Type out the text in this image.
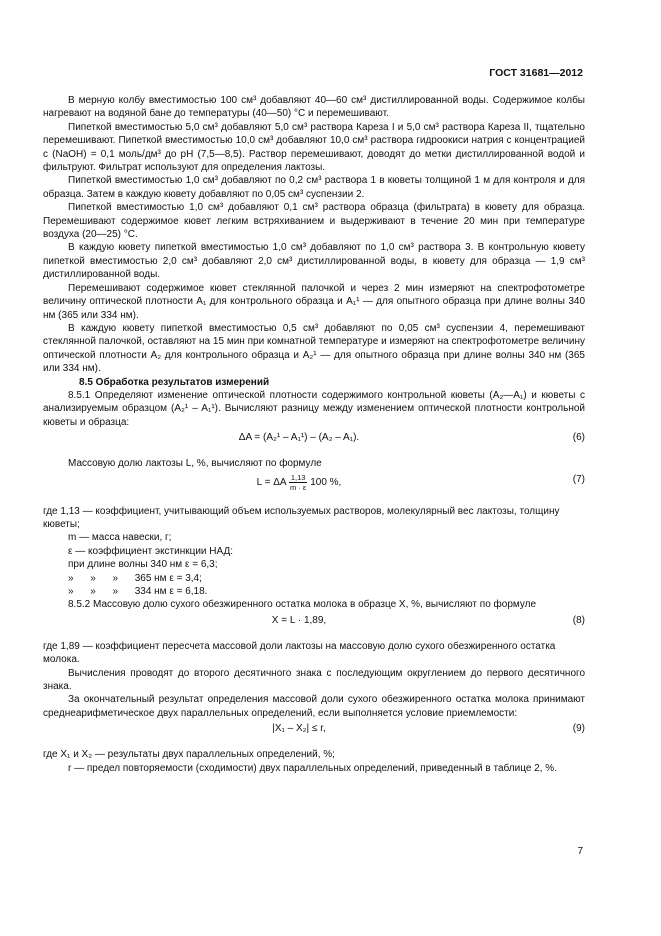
ГОСТ 31681—2012

В мерную колбу вместимостью 100 см³ добавляют 40—60 см³ дистиллированной воды. Содержимое колбы нагревают на водяной бане до температуры (40—50) °С и перемешивают.

Пипеткой вместимостью 5,0 см³ добавляют 5,0 см³ раствора Кареза I и 5,0 см³ раствора Кареза II, тщательно перемешивают. Пипеткой вместимостью 10,0 см³ добавляют 10,0 см³ раствора гидроокиси натрия с концентрацией c (NaOH) = 0,1 моль/дм³ до рН (7,5—8,5). Раствор перемешивают, доводят до метки дистиллированной водой и фильтруют. Фильтрат используют для определения лактозы.

Пипеткой вместимостью 1,0 см³ добавляют по 0,2 см³ раствора 1 в кюветы толщиной 1 м для контроля и для образца. Затем в каждую кювету добавляют по 0,05 см³ суспензии 2.

Пипеткой вместимостью 1,0 см³ добавляют 0,1 см³ раствора образца (фильтрата) в кювету для образца. Перемешивают содержимое кювет легким встряхиванием и выдерживают в течение 20 мин при температуре воздуха (20—25) °С.

В каждую кювету пипеткой вместимостью 1,0 см³ добавляют по 1,0 см³ раствора 3. В контрольную кювету пипеткой вместимостью 2,0 см³ добавляют 2,0 см³ дистиллированной воды, в кювету для образца — 1,9 см³ дистиллированной воды.

Перемешивают содержимое кювет стеклянной палочкой и через 2 мин измеряют на спектрофотометре величину оптической плотности A₁ для контрольного образца и A₁¹ — для опытного образца при длине волны 340 нм (365 или 334 нм).

В каждую кювету пипеткой вместимостью 0,5 см³ добавляют по 0,05 см³ суспензии 4, перемешивают стеклянной палочкой, оставляют на 15 мин при комнатной температуре и измеряют на спектрофотометре величину оптической плотности A₂ для контрольного образца и A₂¹ — для опытного образца при длине волны 340 нм (365 или 334 нм).

8.5 Обработка результатов измерений

8.5.1 Определяют изменение оптической плотности содержимого контрольной кюветы (A₂—A₁) и кюветы с анализируемым образцом (A₂¹ – A₁¹). Вычисляют разницу между изменением оптической плотности контрольной кюветы и образца:

ΔA = (A₂¹ – A₁¹) – (A₂ – A₁).	(6)

Массовую долю лактозы L, %, вычисляют по формуле

L = ΔA $\frac{1,13}{m \cdot \varepsilon} 100$ %,	(7)

где 1,13 — коэффициент, учитывающий объем используемых растворов, молекулярный вес лактозы, толщину кюветы;

m — масса навески, г;

ε — коэффициент экстинкции НАД:

при длине волны 340 нм ε = 6,3;

»      »      »      365 нм ε = 3,4;

»      »      »      334 нм ε = 6,18.

8.5.2 Массовую долю сухого обезжиренного остатка молока в образце X, %, вычисляют по формуле

X = L · 1,89,	(8)

где 1,89 — коэффициент пересчета массовой доли лактозы на массовую долю сухого обезжиренного остатка молока.

Вычисления проводят до второго десятичного знака с последующим округлением до первого десятичного знака.

За окончательный результат определения массовой доли сухого обезжиренного остатка молока принимают среднеарифметическое двух параллельных определений, если выполняется условие приемлемости:

|X₁ – X₂| ≤ r,	(9)

где X₁ и X₂ — результаты двух параллельных определений, %;

r — предел повторяемости (сходимости) двух параллельных определений, приведенный в таблице 2, %.

7
